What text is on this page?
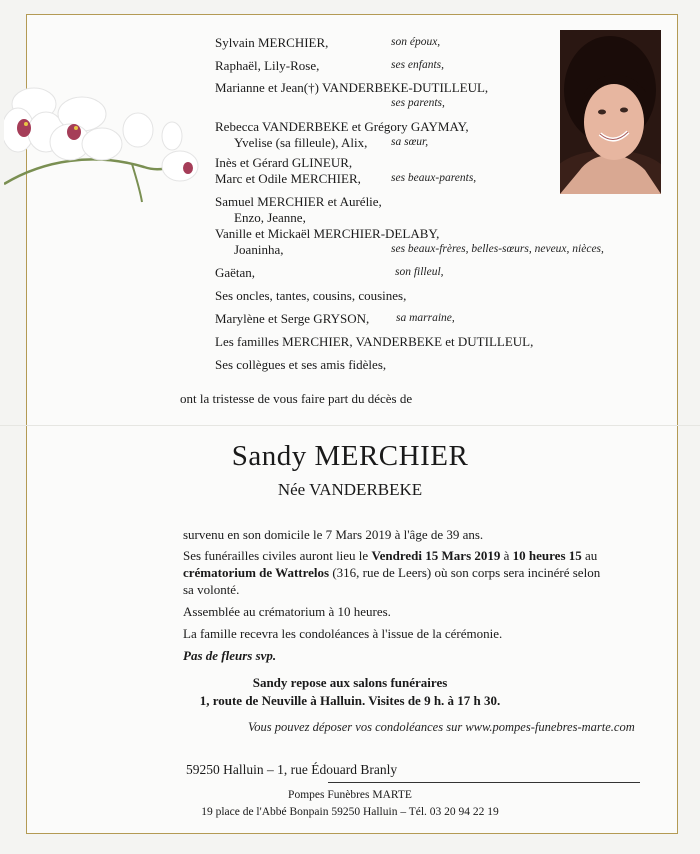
Sylvain MERCHIER,	son époux,
Raphaël, Lily-Rose,	ses enfants,
Marianne et Jean(†) VANDERBEKE-DUTILLEUL,
ses parents,
Rebecca VANDERBEKE et Grégory GAYMAY,
Yvelise (sa filleule), Alix, sa sœur,
Inès et Gérard GLINEUR,
Marc et Odile MERCHIER,	ses beaux-parents,
Samuel MERCHIER et Aurélie,
Enzo, Jeanne,
Vanille et Mickaël MERCHIER-DELABY,
Joaninha,	ses beaux-frères, belles-sœurs, neveux, nièces,
Gaëtan,	son filleul,
Ses oncles, tantes, cousins, cousines,
Marylène et Serge GRYSON, sa marraine,
Les familles MERCHIER, VANDERBEKE et DUTILLEUL,
Ses collègues et ses amis fidèles,
ont la tristesse de vous faire part du décès de
Sandy MERCHIER
Née VANDERBEKE
survenu en son domicile le 7 Mars 2019 à l'âge de 39 ans.
Ses funérailles civiles auront lieu le Vendredi 15 Mars 2019 à 10 heures 15 au
crématorium de Wattrelos (316, rue de Leers) où son corps sera incinéré selon
sa volonté.
Assemblée au crématorium à 10 heures.
La famille recevra les condoléances à l'issue de la cérémonie.
Pas de fleurs svp.
Sandy repose aux salons funéraires
1, route de Neuville à Halluin. Visites de 9 h. à 17 h 30.
Vous pouvez déposer vos condoléances sur www.pompes-funebres-marte.com
59250 Halluin – 1, rue Édouard Branly
Pompes Funèbres MARTE
19 place de l'Abbé Bonpain 59250 Halluin – Tél. 03 20 94 22 19
